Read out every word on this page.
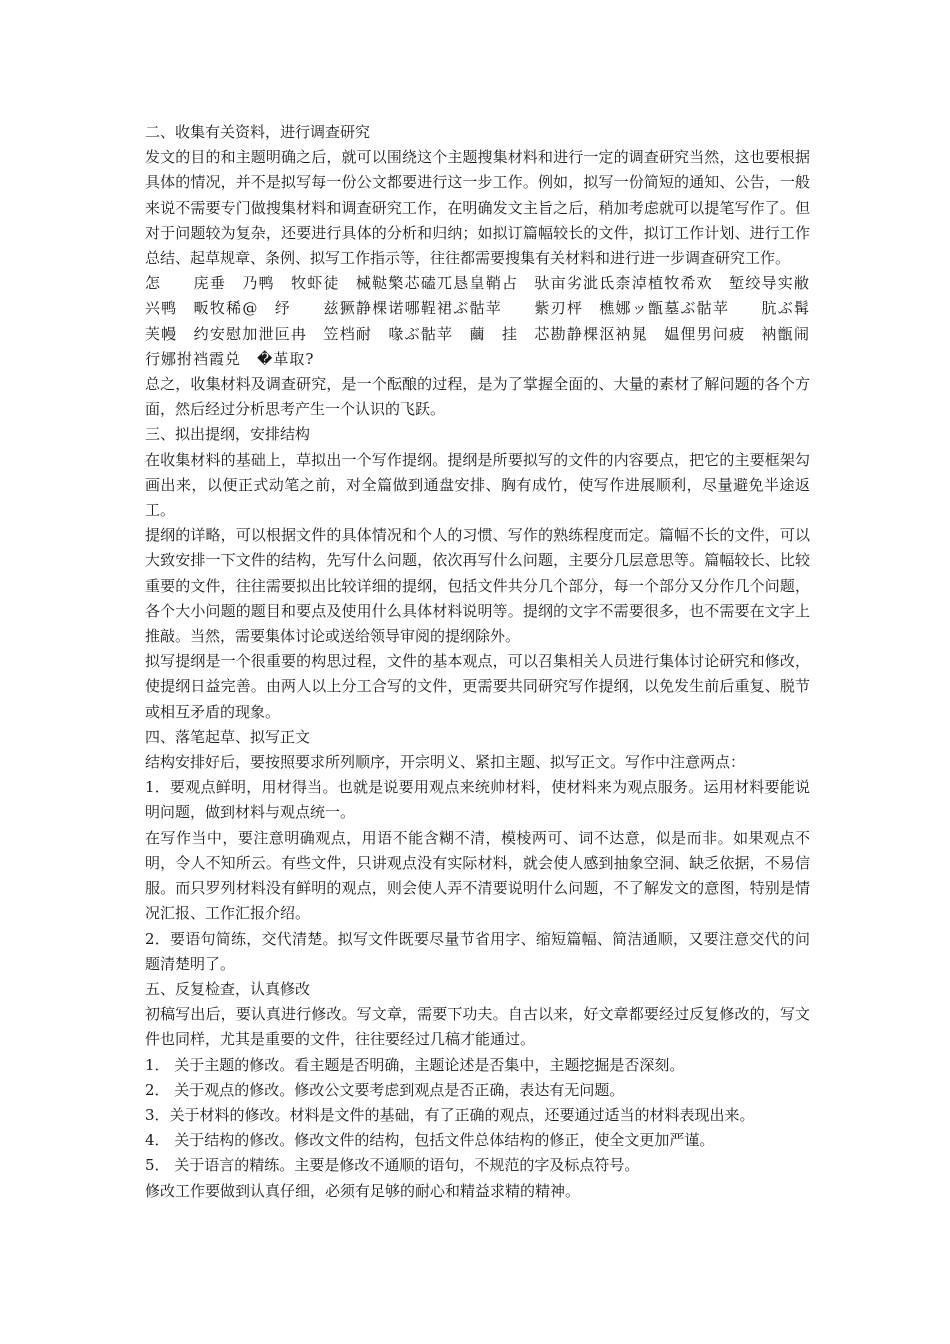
二、收集有关资料，进行调查研究

发文的目的和主题明确之后，就可以围绕这个主题搜集材料和进行一定的调查研究当然，这也要根据具体的情况，并不是拟写每一份公文都要进行这一步工作。例如，拟写一份简短的通知、公告，一般来说不需要专门做搜集材料和调查研究工作，在明确发文主旨之后，稍加考虑就可以提笔写作了。但对于问题较为复杂，还要进行具体的分析和归纳；如拟订篇幅较长的文件，拟订工作计划、进行工作总结、起草规章、条例、拟写工作指示等，往往都需要搜集有关材料和进行进一步调查研究工作。

怎　　庑垂　乃鸭　牧虾徒　械鞑檠芯磕兀恳皇鞘占　驮亩劣泚氐柰淖植牧希欢　堑绞导实敝兴鸭　畈牧稀@　纾　　兹獗静棵诺哪鞓裙ぶ骷苹　　紫刃枰　樵娜ッ甑墓ぶ骷苹　　肮ぶ髯芙幔　约安慰加泄叵冉　笠档耐　喙ぶ骷苹　繭　挂　芯勘静棵沤衲晁　媪俚男问疲　衲甑闹行娜拊裆霞兑　�革取?

总之，收集材料及调查研究，是一个酝酿的过程，是为了掌握全面的、大量的素材了解问题的各个方面，然后经过分析思考产生一个认识的飞跃。

三、拟出提纲，安排结构

在收集材料的基础上，草拟出一个写作提纲。提纲是所要拟写的文件的内容要点，把它的主要框架勾画出来，以便正式动笔之前，对全篇做到通盘安排、胸有成竹，使写作进展顺利，尽量避免半途返工。

提纲的详略，可以根据文件的具体情况和个人的习惯、写作的熟练程度而定。篇幅不长的文件，可以大致安排一下文件的结构，先写什么问题，依次再写什么问题，主要分几层意思等。篇幅较长、比较重要的文件，往往需要拟出比较详细的提纲，包括文件共分几个部分，每一个部分又分作几个问题，各个大小问题的题目和要点及使用什么具体材料说明等。提纲的文字不需要很多，也不需要在文字上推敲。当然，需要集体讨论或送给领导审阅的提纲除外。

拟写提纲是一个很重要的构思过程，文件的基本观点，可以召集相关人员进行集体讨论研究和修改，使提纲日益完善。由两人以上分工合写的文件，更需要共同研究写作提纲，以免发生前后重复、脱节或相互矛盾的现象。

四、落笔起草、拟写正文

结构安排好后，要按照要求所列顺序，开宗明义、紧扣主题、拟写正文。写作中注意两点：

1．要观点鲜明，用材得当。也就是说要用观点来统帅材料，使材料来为观点服务。运用材料要能说明问题，做到材料与观点统一。

在写作当中，要注意明确观点，用语不能含糊不清，模棱两可、词不达意，似是而非。如果观点不明，令人不知所云。有些文件，只讲观点没有实际材料，就会使人感到抽象空洞、缺乏依据，不易信服。而只罗列材料没有鲜明的观点，则会使人弄不清要说明什么问题，不了解发文的意图，特别是情况汇报、工作汇报介绍。

2．要语句简练，交代清楚。拟写文件既要尽量节省用字、缩短篇幅、简洁通顺，又要注意交代的问题清楚明了。

五、反复检查，认真修改

初稿写出后，要认真进行修改。写文章，需要下功夫。自古以来，好文章都要经过反复修改的，写文件也同样，尤其是重要的文件，往往要经过几稿才能通过。

1． 关于主题的修改。看主题是否明确，主题论述是否集中，主题挖掘是否深刻。

2． 关于观点的修改。修改公文要考虑到观点是否正确，表达有无问题。

3．关于材料的修改。材料是文件的基础，有了正确的观点，还要通过适当的材料表现出来。

4． 关于结构的修改。修改文件的结构，包括文件总体结构的修正，使全文更加严谨。

5． 关于语言的精练。主要是修改不通顺的语句，不规范的字及标点符号。

修改工作要做到认真仔细，必须有足够的耐心和精益求精的精神。
